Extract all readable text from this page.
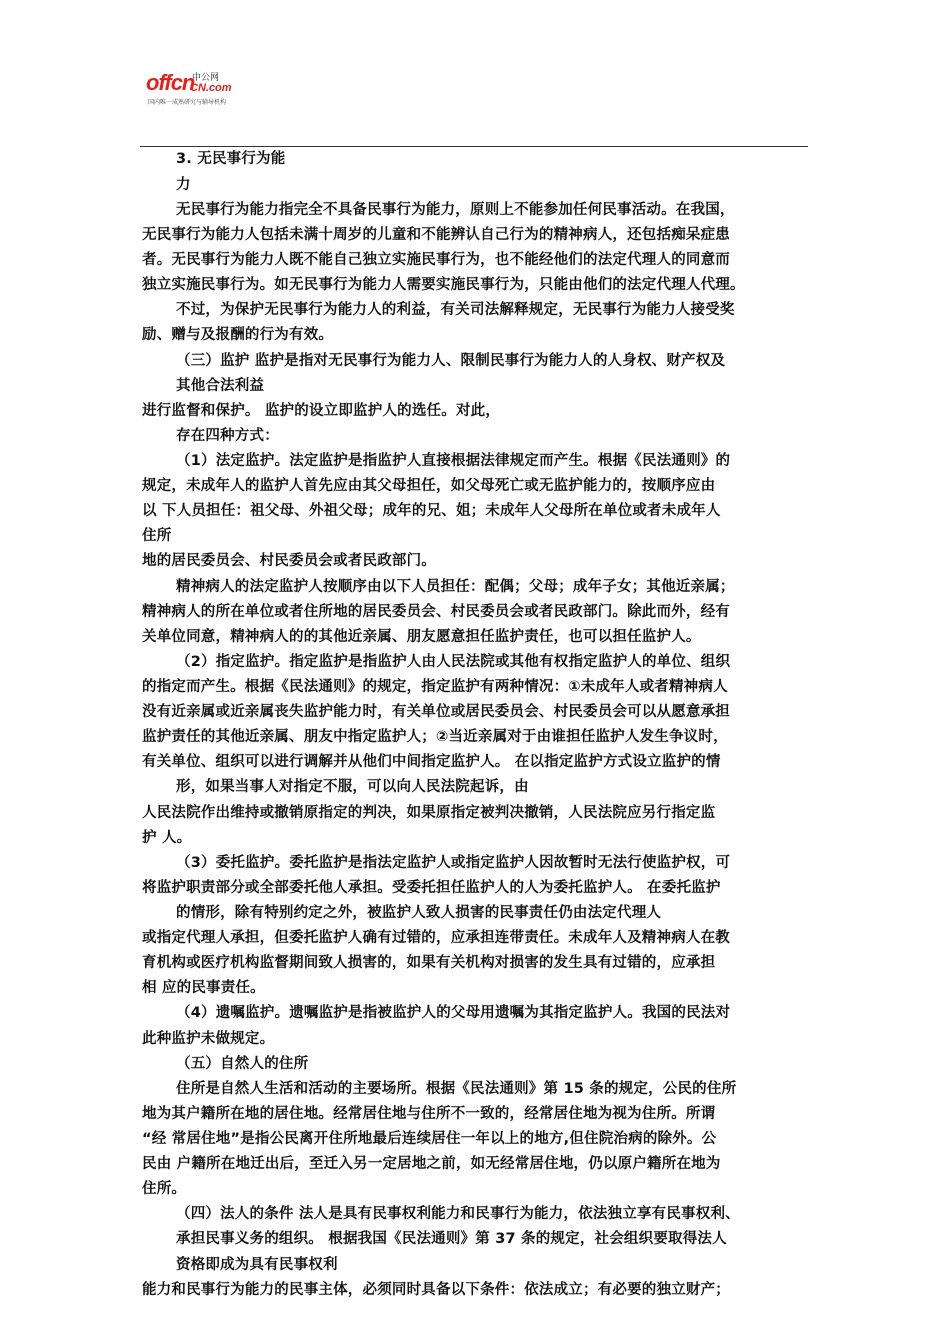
offcn
中公网
CN.com
国内唯一成熟研究与辅导机构
3. 无民事行为能
力
无民事行为能力指完全不具备民事行为能力，原则上不能参加任何民事活动。在我国，
无民事行为能力人包括未满十周岁的儿童和不能辨认自己行为的精神病人，还包括痴呆症患
者。无民事行为能力人既不能自己独立实施民事行为，也不能经他们的法定代理人的同意而
独立实施民事行为。如无民事行为能力人需要实施民事行为，只能由他们的法定代理人代理。
不过，为保护无民事行为能力人的利益，有关司法解释规定，无民事行为能力人接受奖
励、赠与及报酬的行为有效。
（三）监护 监护是指对无民事行为能力人、限制民事行为能力人的人身权、财产权及
其他合法利益
进行监督和保护。 监护的设立即监护人的选任。对此，
存在四种方式：
（1）法定监护。法定监护是指监护人直接根据法律规定而产生。根据《民法通则》的
规定，未成年人的监护人首先应由其父母担任，如父母死亡或无监护能力的，按顺序应由
以 下人员担任：祖父母、外祖父母；成年的兄、姐；未成年人父母所在单位或者未成年人
住所
地的居民委员会、村民委员会或者民政部门。
精神病人的法定监护人按顺序由以下人员担任：配偶；父母；成年子女；其他近亲属；
精神病人的所在单位或者住所地的居民委员会、村民委员会或者民政部门。除此而外，经有
关单位同意，精神病人的的其他近亲属、朋友愿意担任监护责任，也可以担任监护人。
（2）指定监护。指定监护是指监护人由人民法院或其他有权指定监护人的单位、组织
的指定而产生。根据《民法通则》的规定，指定监护有两种情况：①未成年人或者精神病人
没有近亲属或近亲属丧失监护能力时，有关单位或居民委员会、村民委员会可以从愿意承担
监护责任的其他近亲属、朋友中指定监护人；②当近亲属对于由谁担任监护人发生争议时，
有关单位、组织可以进行调解并从他们中间指定监护人。 在以指定监护方式设立监护的情
形，如果当事人对指定不服，可以向人民法院起诉，由
人民法院作出维持或撤销原指定的判决，如果原指定被判决撤销，人民法院应另行指定监
护 人。
（3）委托监护。委托监护是指法定监护人或指定监护人因故暂时无法行使监护权，可
将监护职责部分或全部委托他人承担。受委托担任监护人的人为委托监护人。 在委托监护
的情形，除有特别约定之外，被监护人致人损害的民事责任仍由法定代理人
或指定代理人承担，但委托监护人确有过错的，应承担连带责任。未成年人及精神病人在教
育机构或医疗机构监督期间致人损害的，如果有关机构对损害的发生具有过错的，应承担
相 应的民事责任。
（4）遗嘱监护。遗嘱监护是指被监护人的父母用遗嘱为其指定监护人。我国的民法对
此种监护未做规定。
（五）自然人的住所
住所是自然人生活和活动的主要场所。根据《民法通则》第 15 条的规定，公民的住所
地为其户籍所在地的居住地。经常居住地与住所不一致的，经常居住地为视为住所。所谓
“经 常居住地”是指公民离开住所地最后连续居住一年以上的地方,但住院治病的除外。公
民由 户籍所在地迁出后，至迁入另一定居地之前，如无经常居住地，仍以原户籍所在地为
住所。
（四）法人的条件 法人是具有民事权利能力和民事行为能力，依法独立享有民事权利、
承担民事义务的组织。 根据我国《民法通则》第 37 条的规定，社会组织要取得法人
资格即成为具有民事权利
能力和民事行为能力的民事主体，必须同时具备以下条件：依法成立；有必要的独立财产；
